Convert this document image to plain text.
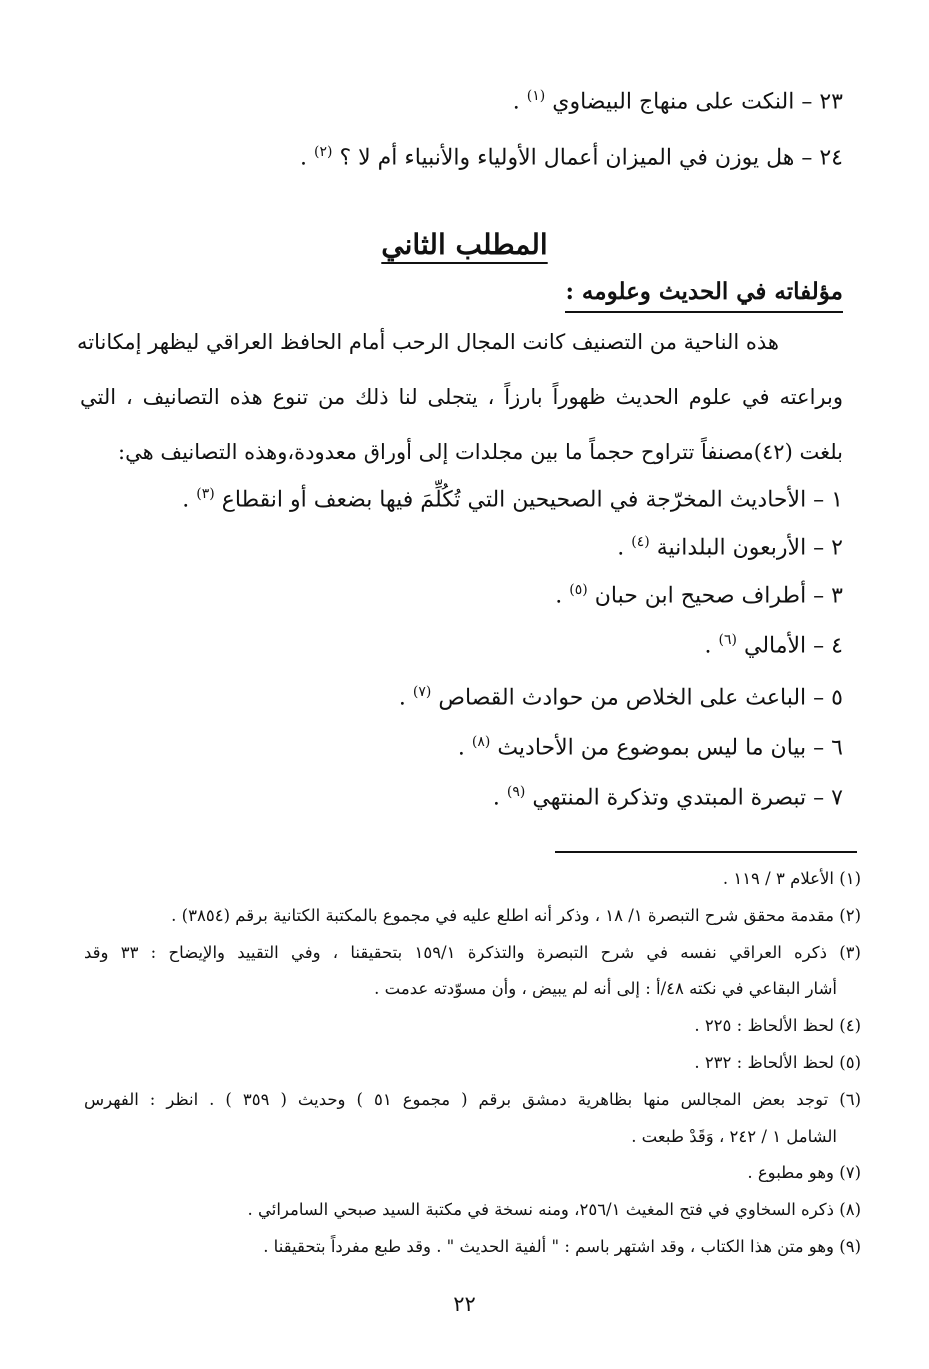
٢٣ – النكت على منهاج البيضاوي $^{(١)}$ .
٢٤ – هل يوزن في الميزان أعمال الأولياء والأنبياء أم لا ؟ $^{(٢)}$ .
المطلب الثاني
مؤلفاته في الحديث وعلومه :
هذه الناحية من التصنيف كانت المجال الرحب أمام الحافظ العراقي ليظهر إمكاناته
وبراعته في علوم الحديث ظهوراً بارزاً ، يتجلى لنا ذلك من تنوع هذه التصانيف ، التي
بلغت (٤٢)مصنفاً تتراوح حجماً ما بين مجلدات إلى أوراق معدودة،وهذه التصانيف هي:
١ – الأحاديث المخرّجة في الصحيحين التي تُكُلِّمَ فيها بضعف أو انقطاع $^{(٣)}$ .
٢ – الأربعون البلدانية $^{(٤)}$ .
٣ – أطراف صحيح ابن حبان $^{(٥)}$ .
٤ – الأمالي $^{(٦)}$ .
٥ – الباعث على الخلاص من حوادث القصاص $^{(٧)}$ .
٦ – بيان ما ليس بموضوع من الأحاديث $^{(٨)}$ .
٧ – تبصرة المبتدي وتذكرة المنتهي $^{(٩)}$ .
(١) الأعلام ٣ / ١١٩ .
(٢) مقدمة محقق شرح التبصرة ١/ ١٨ ، وذكر أنه اطلع عليه في مجموع بالمكتبة الكتانية برقم (٣٨٥٤) .
(٣) ذكره العراقي نفسه في شرح التبصرة والتذكرة ١٥٩/١ بتحقيقنا ، وفي التقييد والإيضاح : ٣٣ وقد
أشار البقاعي في نكته ٤٨/أ : إلى أنه لم يبيض ، وأن مسوّدته عدمت .
(٤) لحظ الألحاظ : ٢٢٥ .
(٥) لحظ الألحاظ : ٢٣٢ .
(٦) توجد بعض المجالس منها بظاهرية دمشق برقم ( مجموع ٥١ ) وحديث ( ٣٥٩ ) . انظر : الفهرس
الشامل ١ / ٢٤٢ ، وَقَدْ طبعت .
(٧) وهو مطبوع .
(٨) ذكره السخاوي في فتح المغيث ٢٥٦/١، ومنه نسخة في مكتبة السيد صبحي السامرائي .
(٩) وهو متن هذا الكتاب ، وقد اشتهر باسم : " ألفية الحديث " . وقد طبع مفرداً بتحقيقنا .
٢٢
